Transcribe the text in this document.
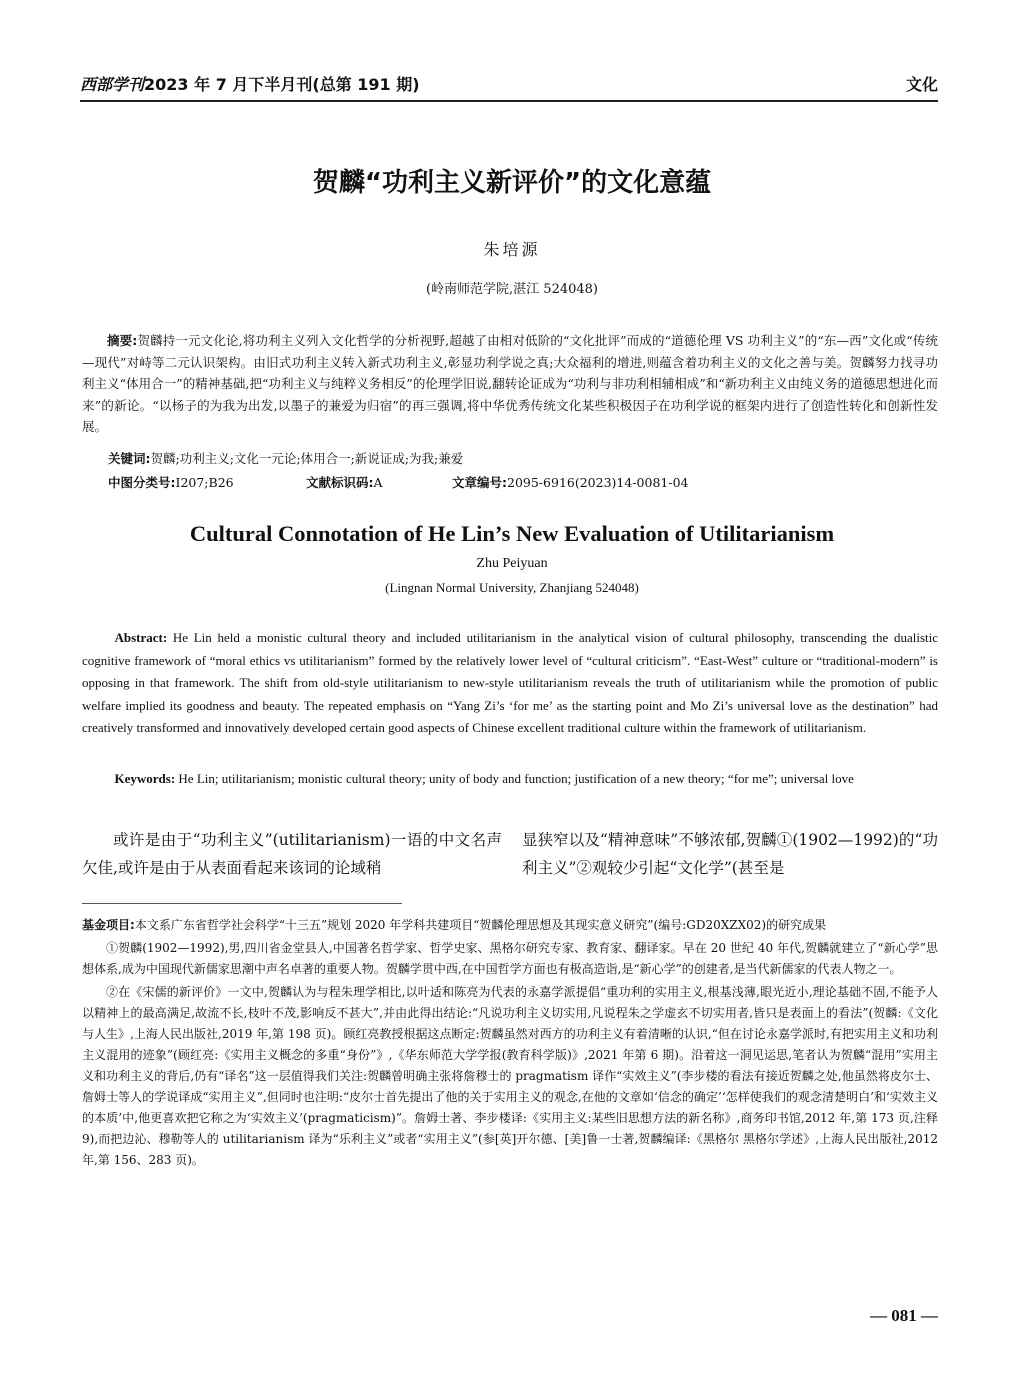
西部学刊2023 年 7 月下半月刊(总第 191 期)	文化
贺麟“功利主义新评价”的文化意蕴
朱培源
(岭南师范学院,湛江 524048)
摘要:贺麟持一元文化论,将功利主义列入文化哲学的分析视野,超越了由相对低阶的“文化批评”而成的“道德伦理 VS 功利主义”的“东—西”文化或“传统—现代”对峙等二元认识架构。由旧式功利主义转入新式功利主义,彰显功利学说之真;大众福利的增进,则蕴含着功利主义的文化之善与美。贺麟努力找寻功利主义“体用合一”的精神基础,把“功利主义与纯粹义务相反”的伦理学旧说,翻转论证成为“功利与非功利相辅相成”和“新功利主义由纯义务的道德思想进化而来”的新论。“以杨子的为我为出发,以墨子的兼爱为归宿”的再三强调,将中华优秀传统文化某些积极因子在功利学说的框架内进行了创造性转化和创新性发展。
关键词:贺麟;功利主义;文化一元论;体用合一;新说证成;为我;兼爱
中图分类号:I207;B26	文献标识码:A	文章编号:2095-6916(2023)14-0081-04
Cultural Connotation of He Lin’s New Evaluation of Utilitarianism
Zhu Peiyuan
(Lingnan Normal University, Zhanjiang 524048)
Abstract: He Lin held a monistic cultural theory and included utilitarianism in the analytical vision of cultural philosophy, transcending the dualistic cognitive framework of “moral ethics vs utilitarianism” formed by the relatively lower level of “cultural criticism”. “East-West” culture or “traditional-modern” is opposing in that framework. The shift from old-style utilitarianism to new-style utilitarianism reveals the truth of utilitarianism while the promotion of public welfare implied its goodness and beauty. The repeated emphasis on “Yang Zi’s ‘for me’ as the starting point and Mo Zi’s universal love as the destination” had creatively transformed and innovatively developed certain good aspects of Chinese excellent traditional culture within the framework of utilitarianism.
Keywords: He Lin; utilitarianism; monistic cultural theory; unity of body and function; justification of a new theory; “for me”; universal love
或许是由于“功利主义”(utilitarianism)一语的中文名声欠佳,或许是由于从表面看起来该词的论域稍
显狭窄以及“精神意味”不够浓郁,贺麟①(1902—1992)的“功利主义”②观较少引起“文化学”(甚至是

基金项目:本文系广东省哲学社会科学“十三五”规划 2020 年学科共建项目“贺麟伦理思想及其现实意义研究”(编号:GD20XZX02)的研究成果

①贺麟(1902—1992),男,四川省金堂县人,中国著名哲学家、哲学史家、黑格尔研究专家、教育家、翻译家。早在 20 世纪 40 年代,贺麟就建立了“新心学”思想体系,成为中国现代新儒家思潮中声名卓著的重要人物。贺麟学贯中西,在中国哲学方面也有极高造诣,是“新心学”的创建者,是当代新儒家的代表人物之一。

②在《宋儒的新评价》一文中,贺麟认为与程朱理学相比,以叶适和陈亮为代表的永嘉学派提倡“重功利的实用主义,根基浅薄,眼光近小,理论基础不固,不能予人以精神上的最高满足,故流不长,枝叶不茂,影响反不甚大”,并由此得出结论:“凡说功利主义切实用,凡说程朱之学虚玄不切实用者,皆只是表面上的看法”(贺麟:《文化与人生》,上海人民出版社,2019 年,第 198 页)。顾红亮教授根据这点断定:贺麟虽然对西方的功利主义有着清晰的认识,“但在讨论永嘉学派时,有把实用主义和功利主义混用的迹象”(顾红亮:《实用主义概念的多重“身份”》,《华东师范大学学报(教育科学版)》,2021 年第 6 期)。沿着这一洞见运思,笔者认为贺麟“混用”实用主义和功利主义的背后,仍有“译名”这一层值得我们关注:贺麟曾明确主张将詹穆士的 pragmatism 译作“实效主义”(李步楼的看法有接近贺麟之处,他虽然将皮尔士、詹姆士等人的学说译成“实用主义”,但同时也注明:“皮尔士首先提出了他的关于实用主义的观念,在他的文章如‘信念的确定’‘怎样使我们的观念清楚明白’和‘实效主义的本质’中,他更喜欢把它称之为‘实效主义’(pragmaticism)”。詹姆士著、李步楼译:《实用主义:某些旧思想方法的新名称》,商务印书馆,2012 年,第 173 页,注释 9),而把边沁、穆勒等人的 utilitarianism 译为“乐利主义”或者“实用主义”(参[英]开尔德、[美]鲁一士著,贺麟编译:《黑格尔 黑格尔学述》,上海人民出版社,2012 年,第 156、283 页)。

— 081 —
